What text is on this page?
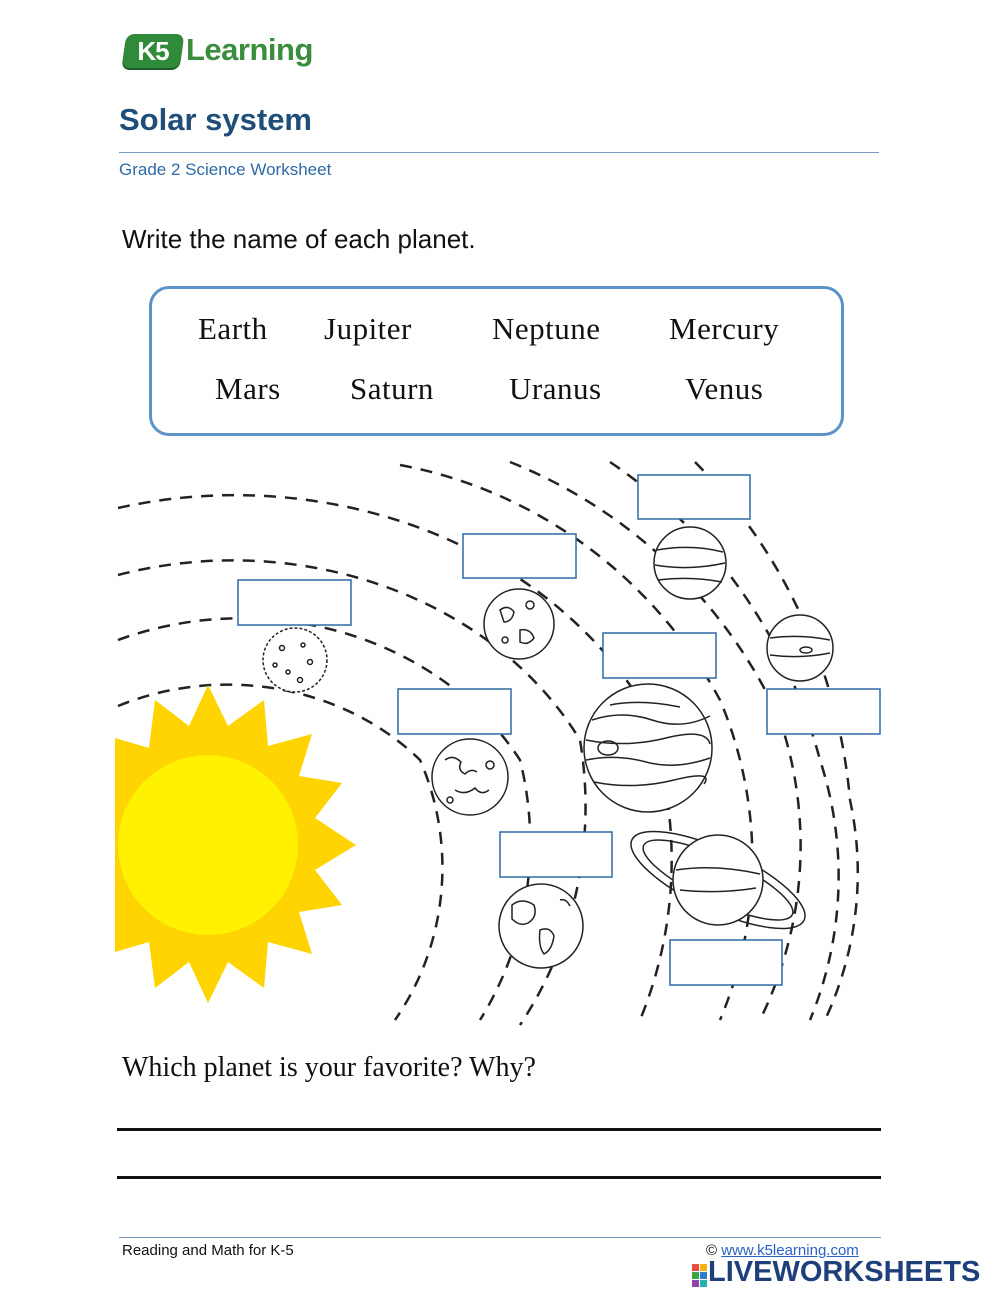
K5 Learning
Solar system
Grade 2 Science Worksheet
Write the name of each planet.
Earth Jupiter	Neptune Mercury
Mars Saturn Uranus	Venus
Which planet is your favorite? Why?
Reading and Math for K-5	© www.k5learning.com
LIVEWORKSHEETS
